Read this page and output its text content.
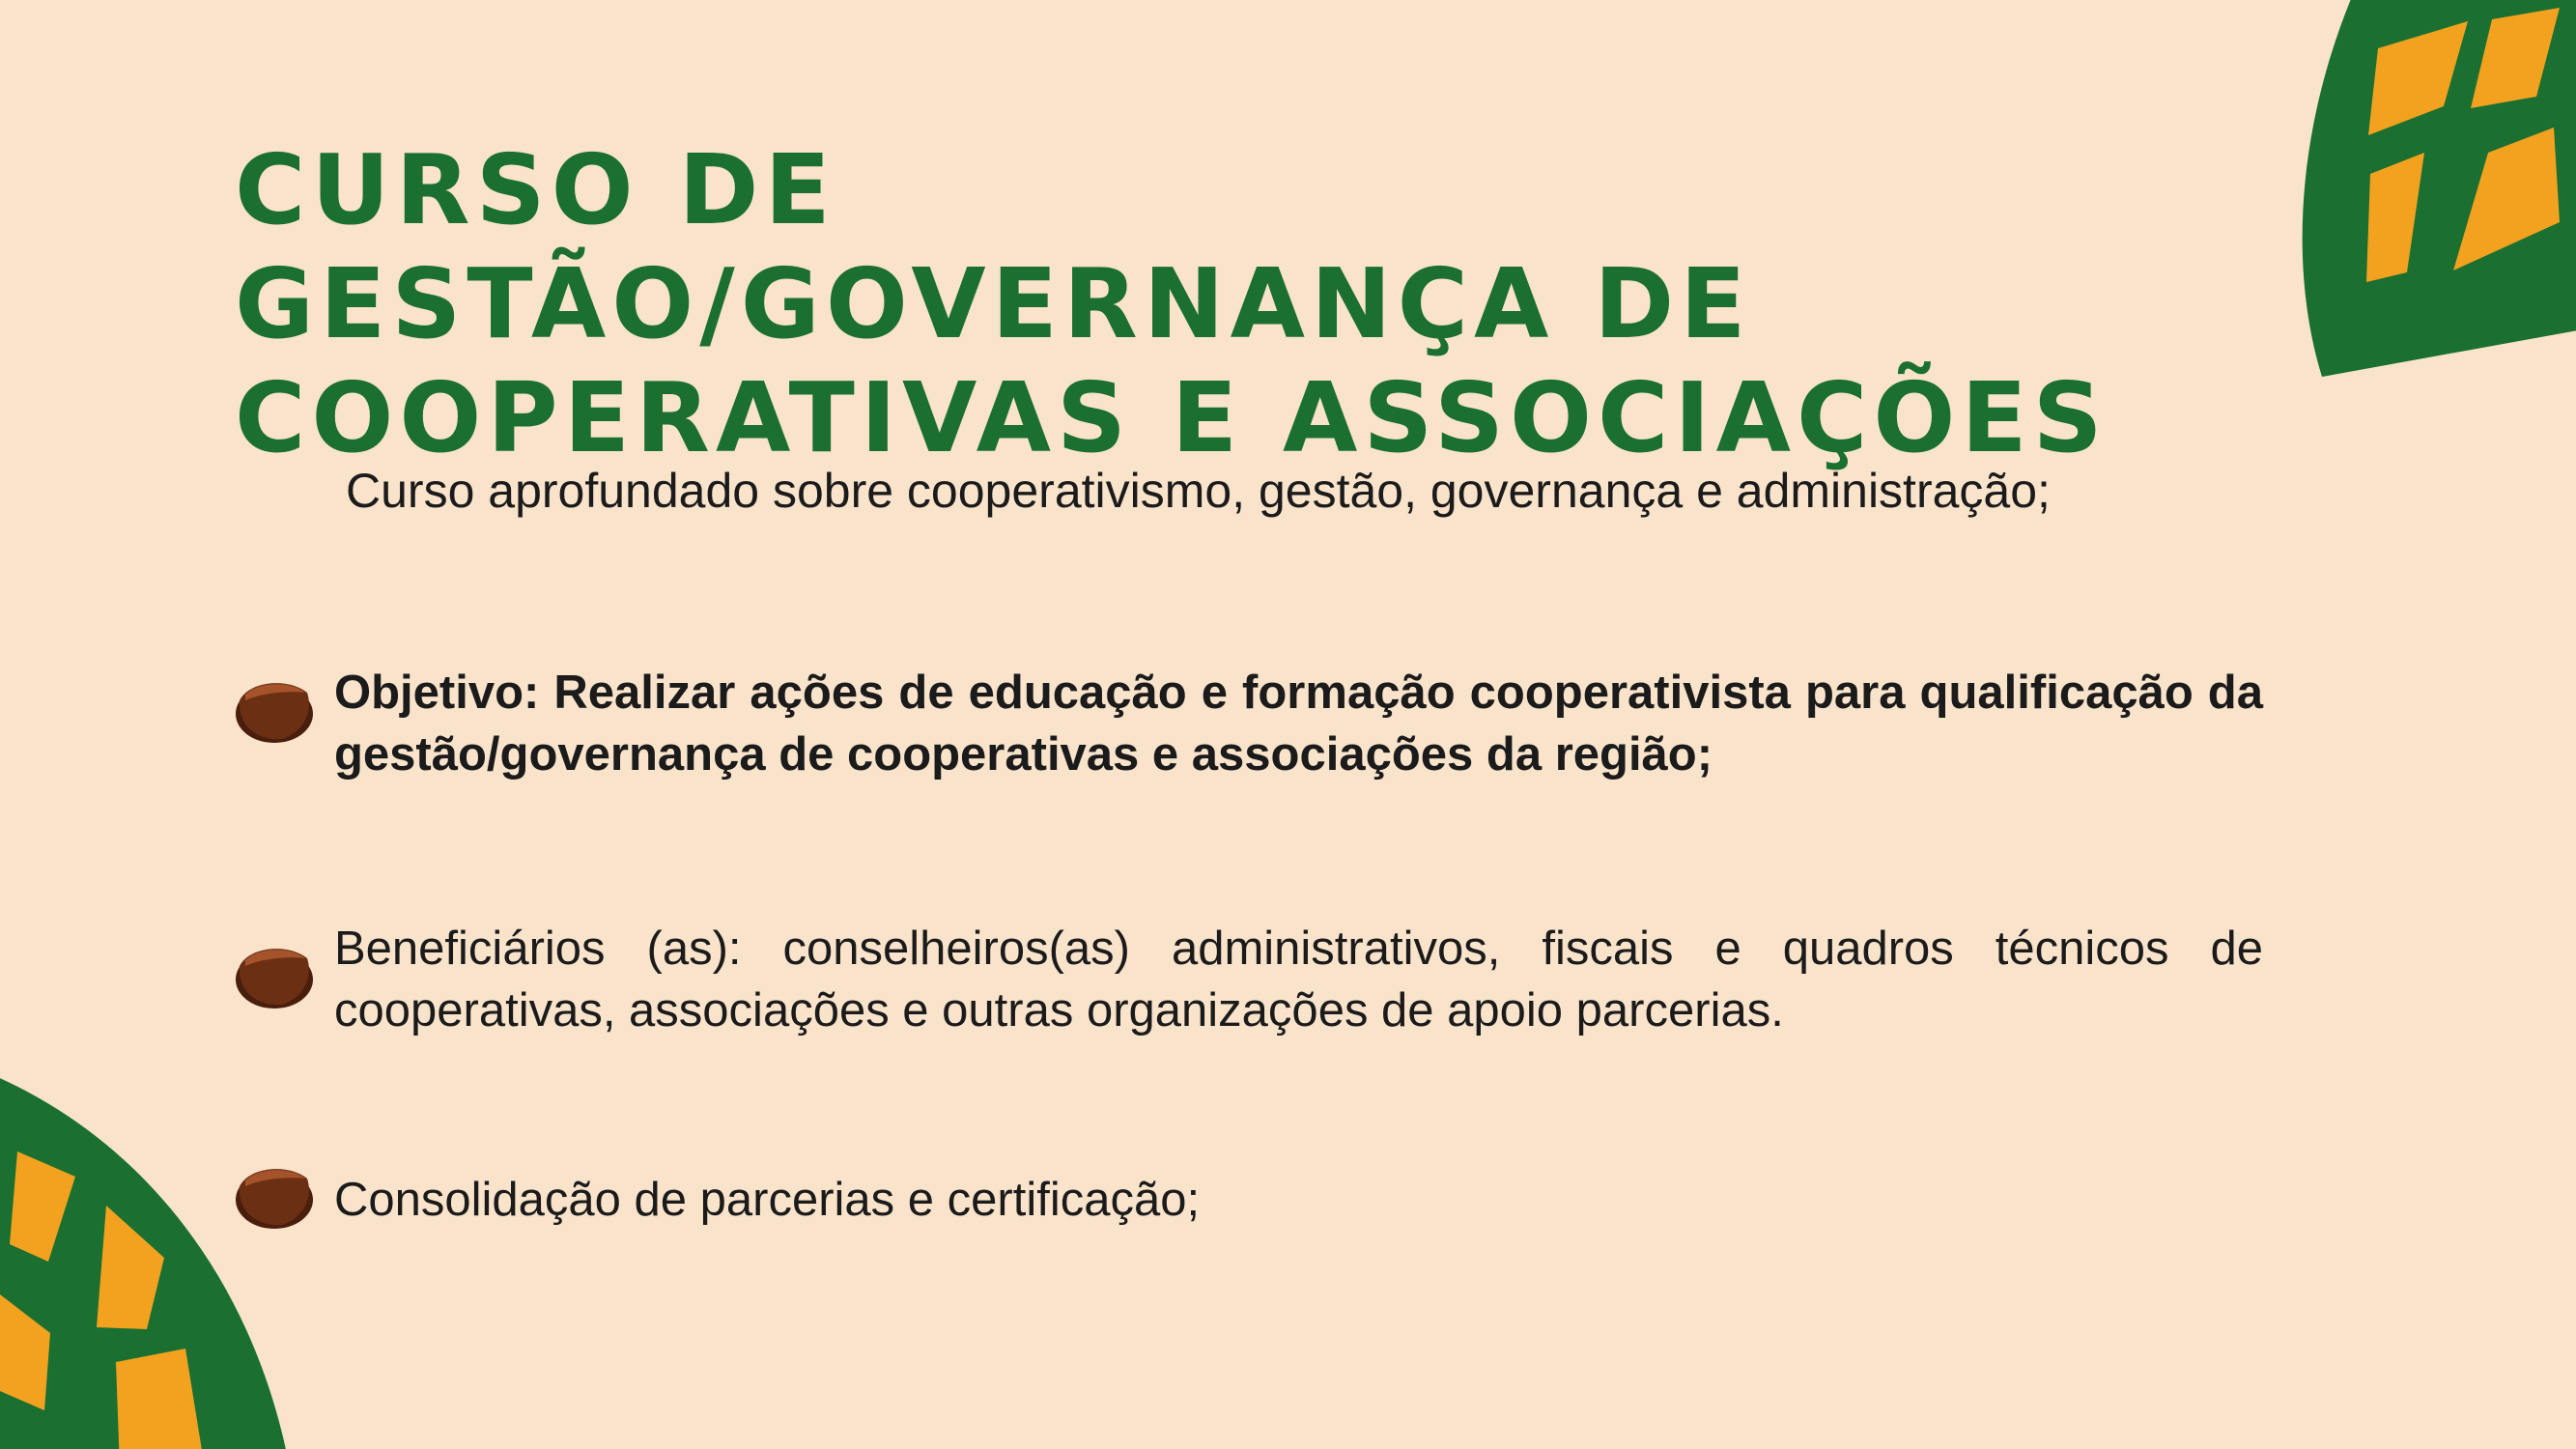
CURSO DE GESTÃO/GOVERNANÇA DE
COOPERATIVAS E ASSOCIAÇÕES

Curso aprofundado sobre cooperativismo, gestão, governança e administração;

Objetivo: Realizar ações de educação e formação cooperativista para qualificação da gestão/governança de cooperativas e associações da região;

Beneficiários (as): conselheiros(as) administrativos, fiscais e quadros técnicos de cooperativas, associações e outras organizações de apoio parcerias.

Consolidação de parcerias e certificação;
